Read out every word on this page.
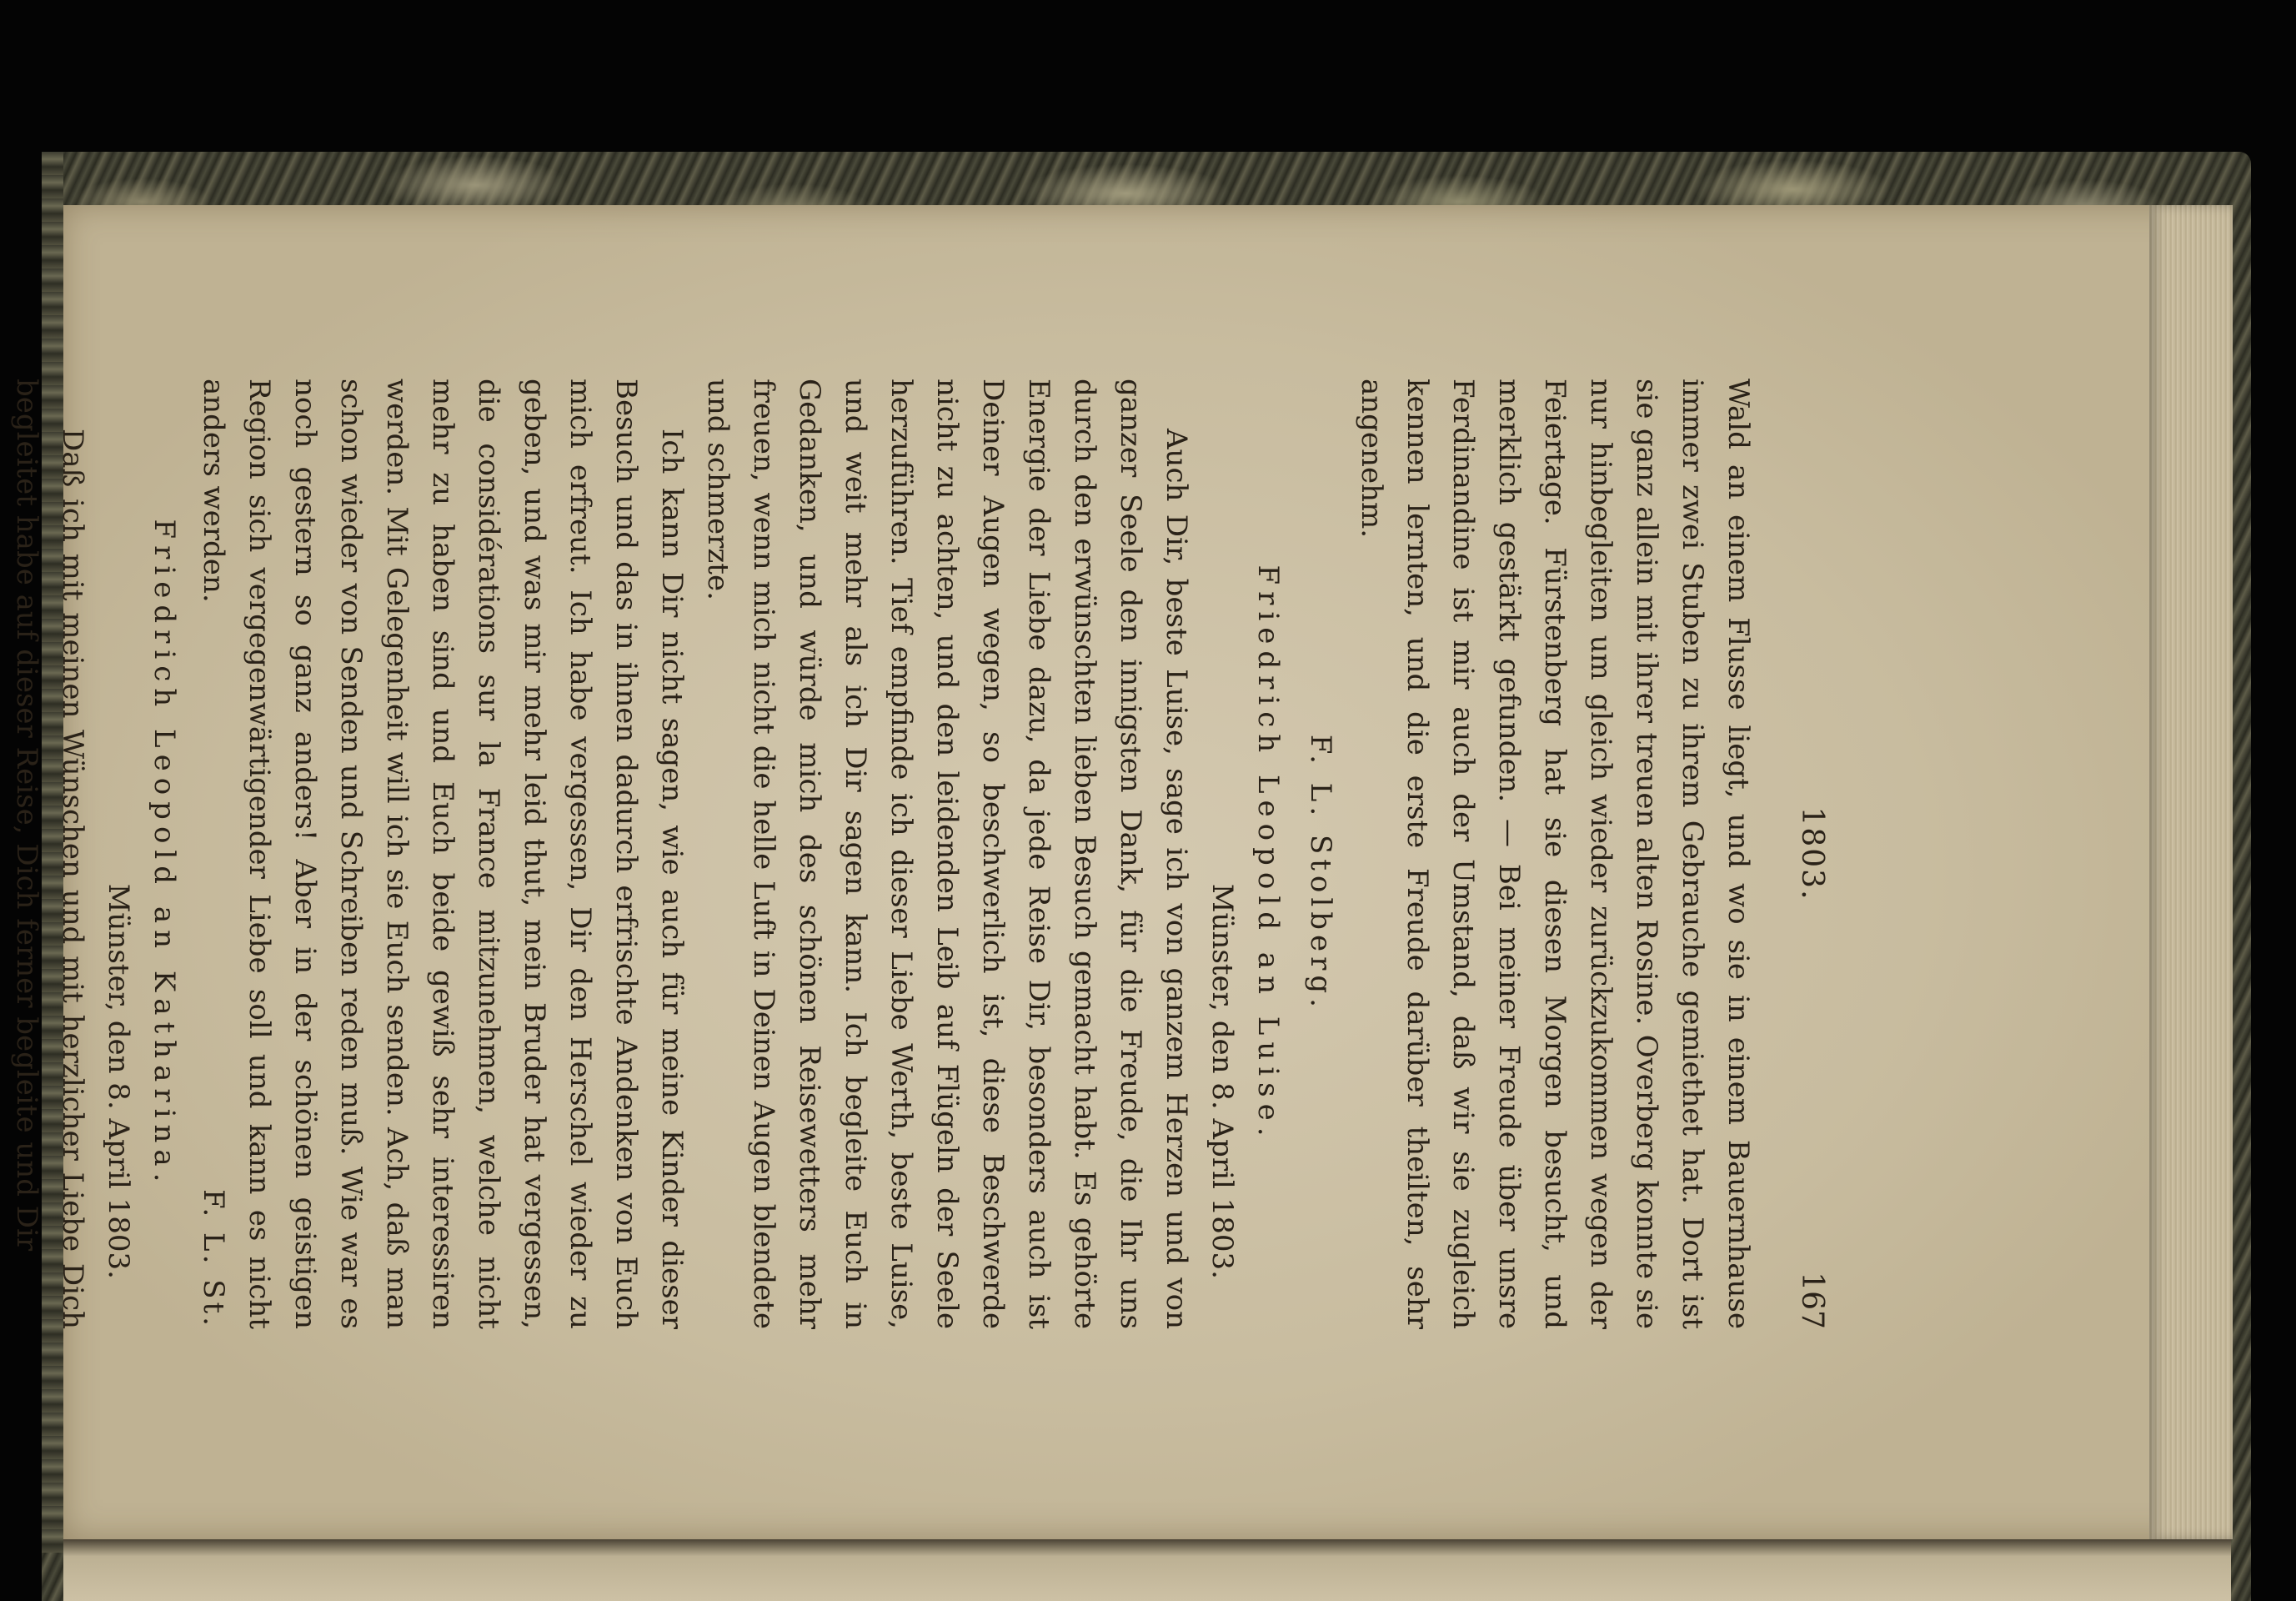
1803.
167

Wald an einem Flusse liegt, und wo sie in einem Bauernhause immer zwei Stuben zu ihrem Gebrauche gemiethet hat. Dort ist sie ganz allein mit ihrer treuen alten Rosine. Overberg konnte sie nur hinbegleiten um gleich wieder zurückzukommen wegen der Feiertage. Fürstenberg hat sie diesen Morgen besucht, und merklich gestärkt gefunden. — Bei meiner Freude über unsre Ferdinandine ist mir auch der Umstand, daß wir sie zugleich kennen lernten, und die erste Freude darüber theilten, sehr angenehm.

F. L. Stolberg.

Friedrich Leopold an Luise.

Münster, den 8. April 1803.

Auch Dir, beste Luise, sage ich von ganzem Herzen und von ganzer Seele den innigsten Dank, für die Freude, die Ihr uns durch den erwünschten lieben Besuch gemacht habt. Es gehörte Energie der Liebe dazu, da jede Reise Dir, besonders auch ist Deiner Augen wegen, so beschwerlich ist, diese Beschwerde nicht zu achten, und den leidenden Leib auf Flügeln der Seele herzuführen. Tief empfinde ich dieser Liebe Werth, beste Luise, und weit mehr als ich Dir sagen kann. Ich begleite Euch in Gedanken, und würde mich des schönen Reisewetters mehr freuen, wenn mich nicht die helle Luft in Deinen Augen blendete und schmerzte.

Ich kann Dir nicht sagen, wie auch für meine Kinder dieser Besuch und das in ihnen dadurch erfrischte Andenken von Euch mich erfreut. Ich habe vergessen, Dir den Herschel wieder zu geben, und was mir mehr leid thut, mein Bruder hat vergessen, die considérations sur la France mitzunehmen, welche nicht mehr zu haben sind und Euch beide gewiß sehr interessiren werden. Mit Gelegenheit will ich sie Euch senden. Ach, daß man schon wieder von Senden und Schreiben reden muß. Wie war es noch gestern so ganz anders! Aber in der schönen geistigen Region sich vergegenwärtigender Liebe soll und kann es nicht anders werden.
F. L. St.

Friedrich Leopold an Katharina.

Münster, den 8. April 1803.

Daß ich mit meinen Wünschen und mit herzlicher Liebe Dich begleitet habe auf dieser Reise, Dich ferner begleite und Dir
